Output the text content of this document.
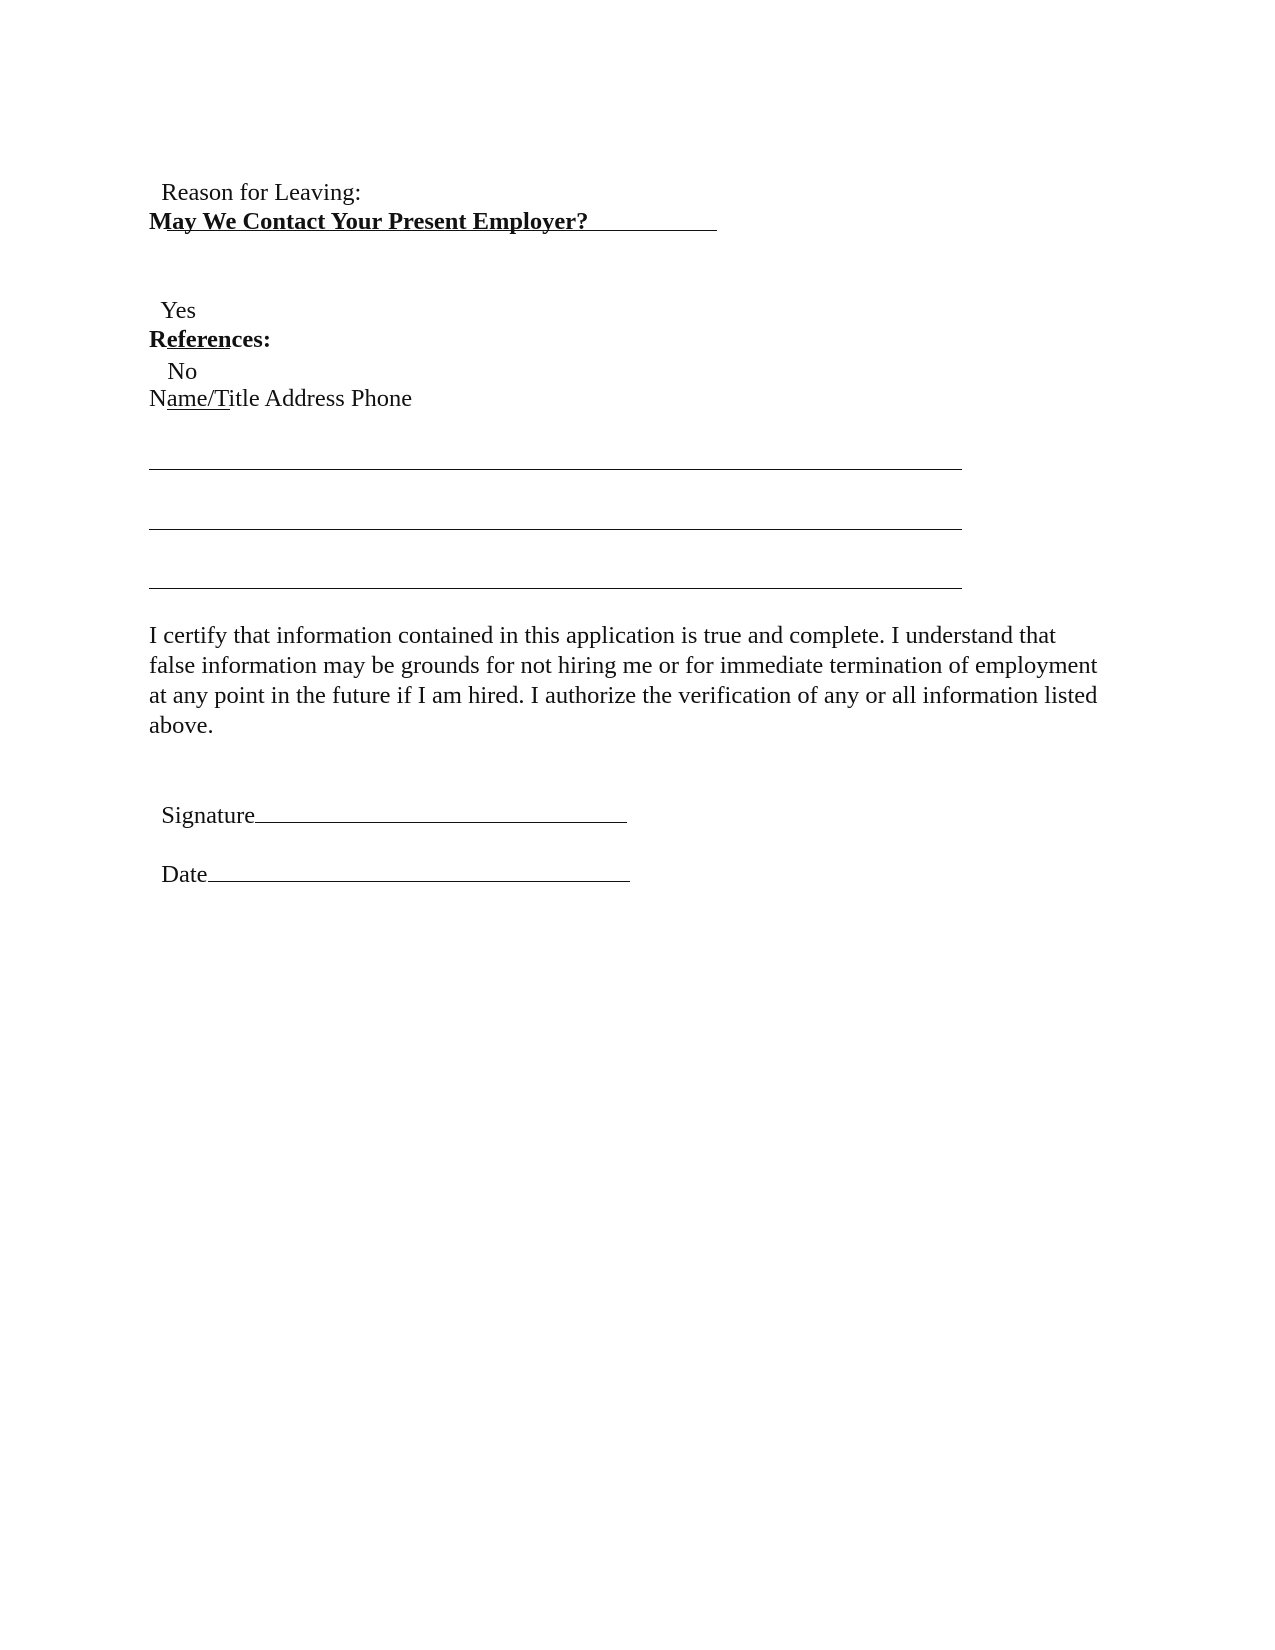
Reason for Leaving:

May We Contact Your Present Employer?

Yes

No

References:
Name/Title Address Phone
I certify that information contained in this application is true and complete. I understand that
false information may be grounds for not hiring me or for immediate termination of employment
at any point in the future if I am hired. I authorize the verification of any or all information listed
above.

Signature

Date
